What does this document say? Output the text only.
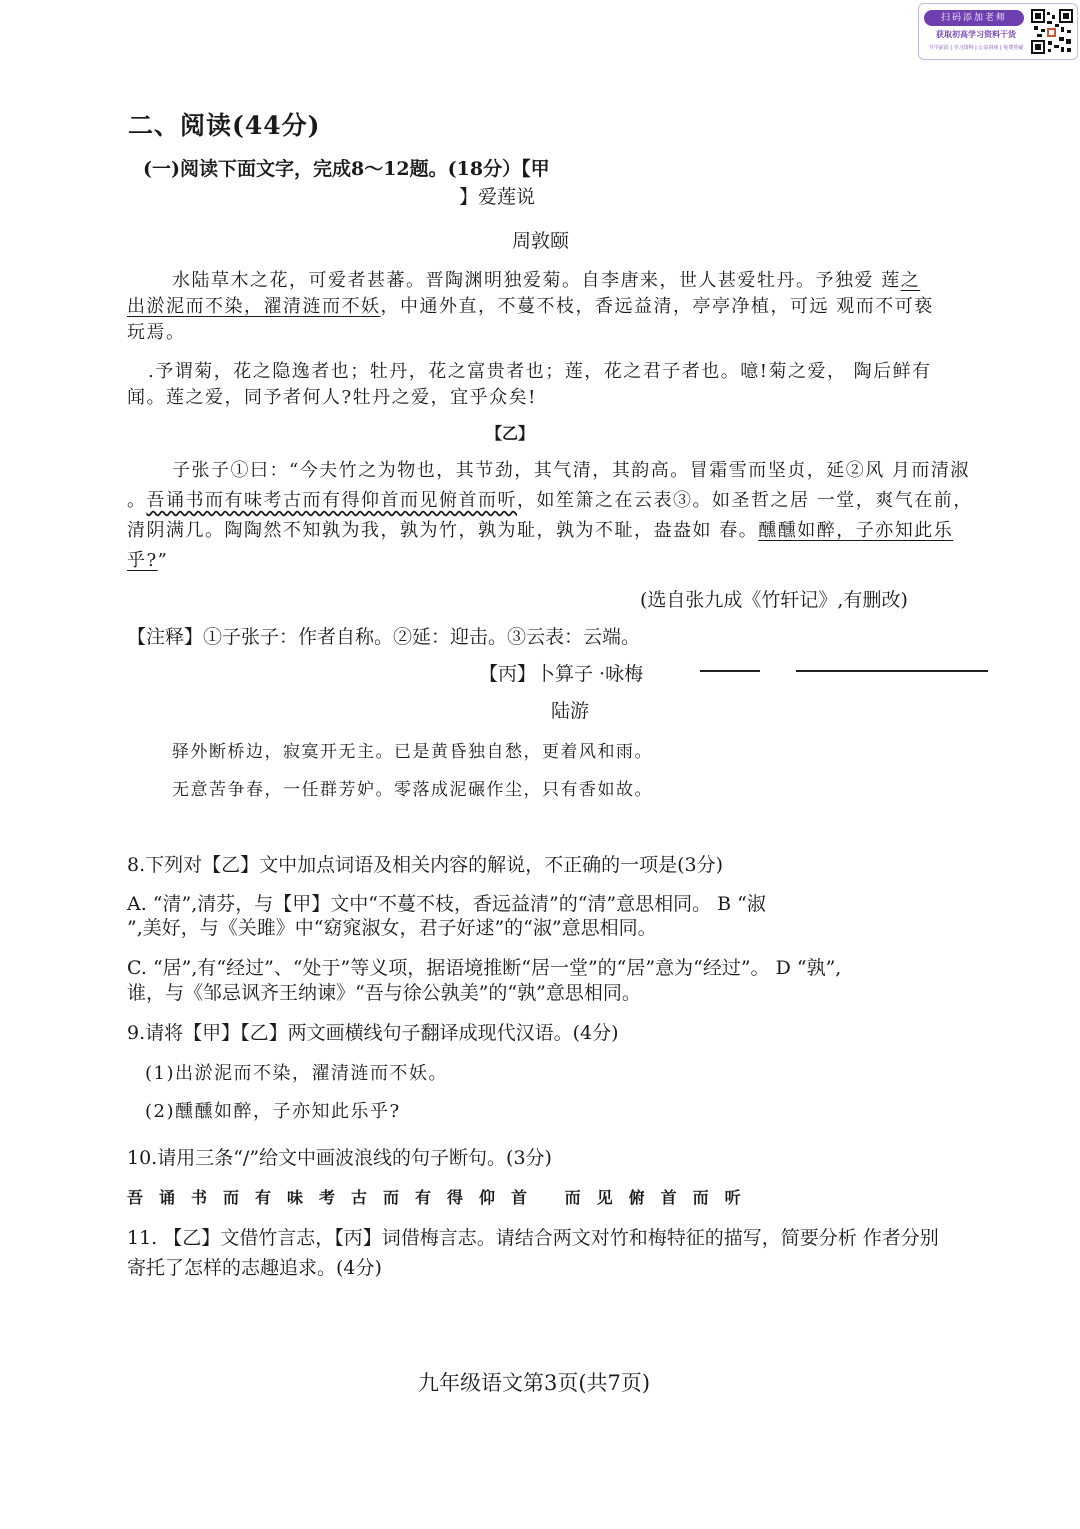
扫码添加老师
获取初高学习资料干货
升学前沿 | 学习资料 | 公益讲座 | 免费答疑
二、阅读(44分)
(一)阅读下面文字，完成8～12题。(18分）【甲
】爱莲说
周敦颐
水陆草木之花，可爱者甚蕃。晋陶渊明独爱菊。自李唐来，世人甚爱牡丹。予独爱 莲之
出淤泥而不染，濯清涟而不妖，中通外直，不蔓不枝，香远益清，亭亭净植，可远 观而不可亵
玩焉。
.予谓菊，花之隐逸者也；牡丹，花之富贵者也；莲，花之君子者也。噫!菊之爱， 陶后鲜有
闻。莲之爱，同予者何人?牡丹之爱，宜乎众矣!
【乙】
子张子①曰：“今夫竹之为物也，其节劲，其气清，其韵高。冒霜雪而坚贞，延②风 月而清淑
。吾诵书而有味考古而有得仰首而见俯首而听，如笙箫之在云表③。如圣哲之居 一堂，爽气在前，
清阴满几。陶陶然不知孰为我，孰为竹，孰为耻，孰为不耻，盎盎如 春。醺醺如醉，子亦知此乐
乎?”
(选自张九成《竹轩记》,有删改)
【注释】①子张子：作者自称。②延：迎击。③云表：云端。
【丙】卜算子 ·咏梅
陆游
驿外断桥边，寂寞开无主。已是黄昏独自愁，更着风和雨。
无意苦争春，一任群芳妒。零落成泥碾作尘，只有香如故。
8.下列对【乙】文中加点词语及相关内容的解说，不正确的一项是(3分)
A. “清”,清芬，与【甲】文中“不蔓不枝，香远益清”的“清”意思相同。 B “淑
”,美好，与《关雎》中“窈窕淑女，君子好逑”的“淑”意思相同。
C. “居”,有“经过”、“处于”等义项，据语境推断“居一堂”的“居”意为“经过”。 D “孰”,
谁，与《邹忌讽齐王纳谏》“吾与徐公孰美”的“孰”意思相同。
9.请将【甲】【乙】两文画横线句子翻译成现代汉语。(4分)
(1)出淤泥而不染，濯清涟而不妖。
(2)醺醺如醉，子亦知此乐乎?
10.请用三条“/”给文中画波浪线的句子断句。(3分)
吾诵书而有味考古而有得仰首 而见俯首而听
11. 【乙】文借竹言志，【丙】词借梅言志。请结合两文对竹和梅特征的描写，简要分析 作者分别
寄托了怎样的志趣追求。(4分)
九年级语文第3页(共7页)
